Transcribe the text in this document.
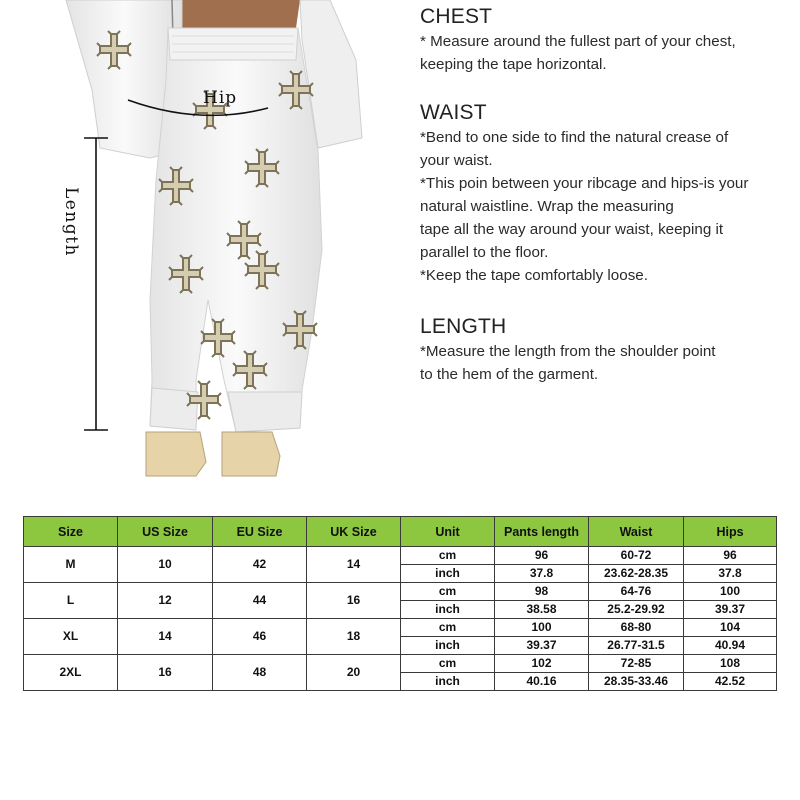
Hip
Length
CHEST

* Measure around the fullest part of your chest,

keeping the tape horizontal.

WAIST

*Bend to one side to find the natural crease of

your waist.

*This poin between your ribcage and hips-is your

natural waistline. Wrap the measuring

tape all the way around your waist, keeping it

parallel to the floor.

*Keep the tape comfortably loose.

LENGTH

*Measure the length from the shoulder point

to the hem of the garment.

Size	US Size	EU Size	UK Size	Unit	Pants length	Waist	Hips
M	10	42	14	cm	96	60-72	96
				inch	37.8	23.62-28.35	37.8
L	12	44	16	cm	98	64-76	100
				inch	38.58	25.2-29.92	39.37
XL	14	46	18	cm	100	68-80	104
				inch	39.37	26.77-31.5	40.94
2XL	16	48	20	cm	102	72-85	108
				inch	40.16	28.35-33.46	42.52
